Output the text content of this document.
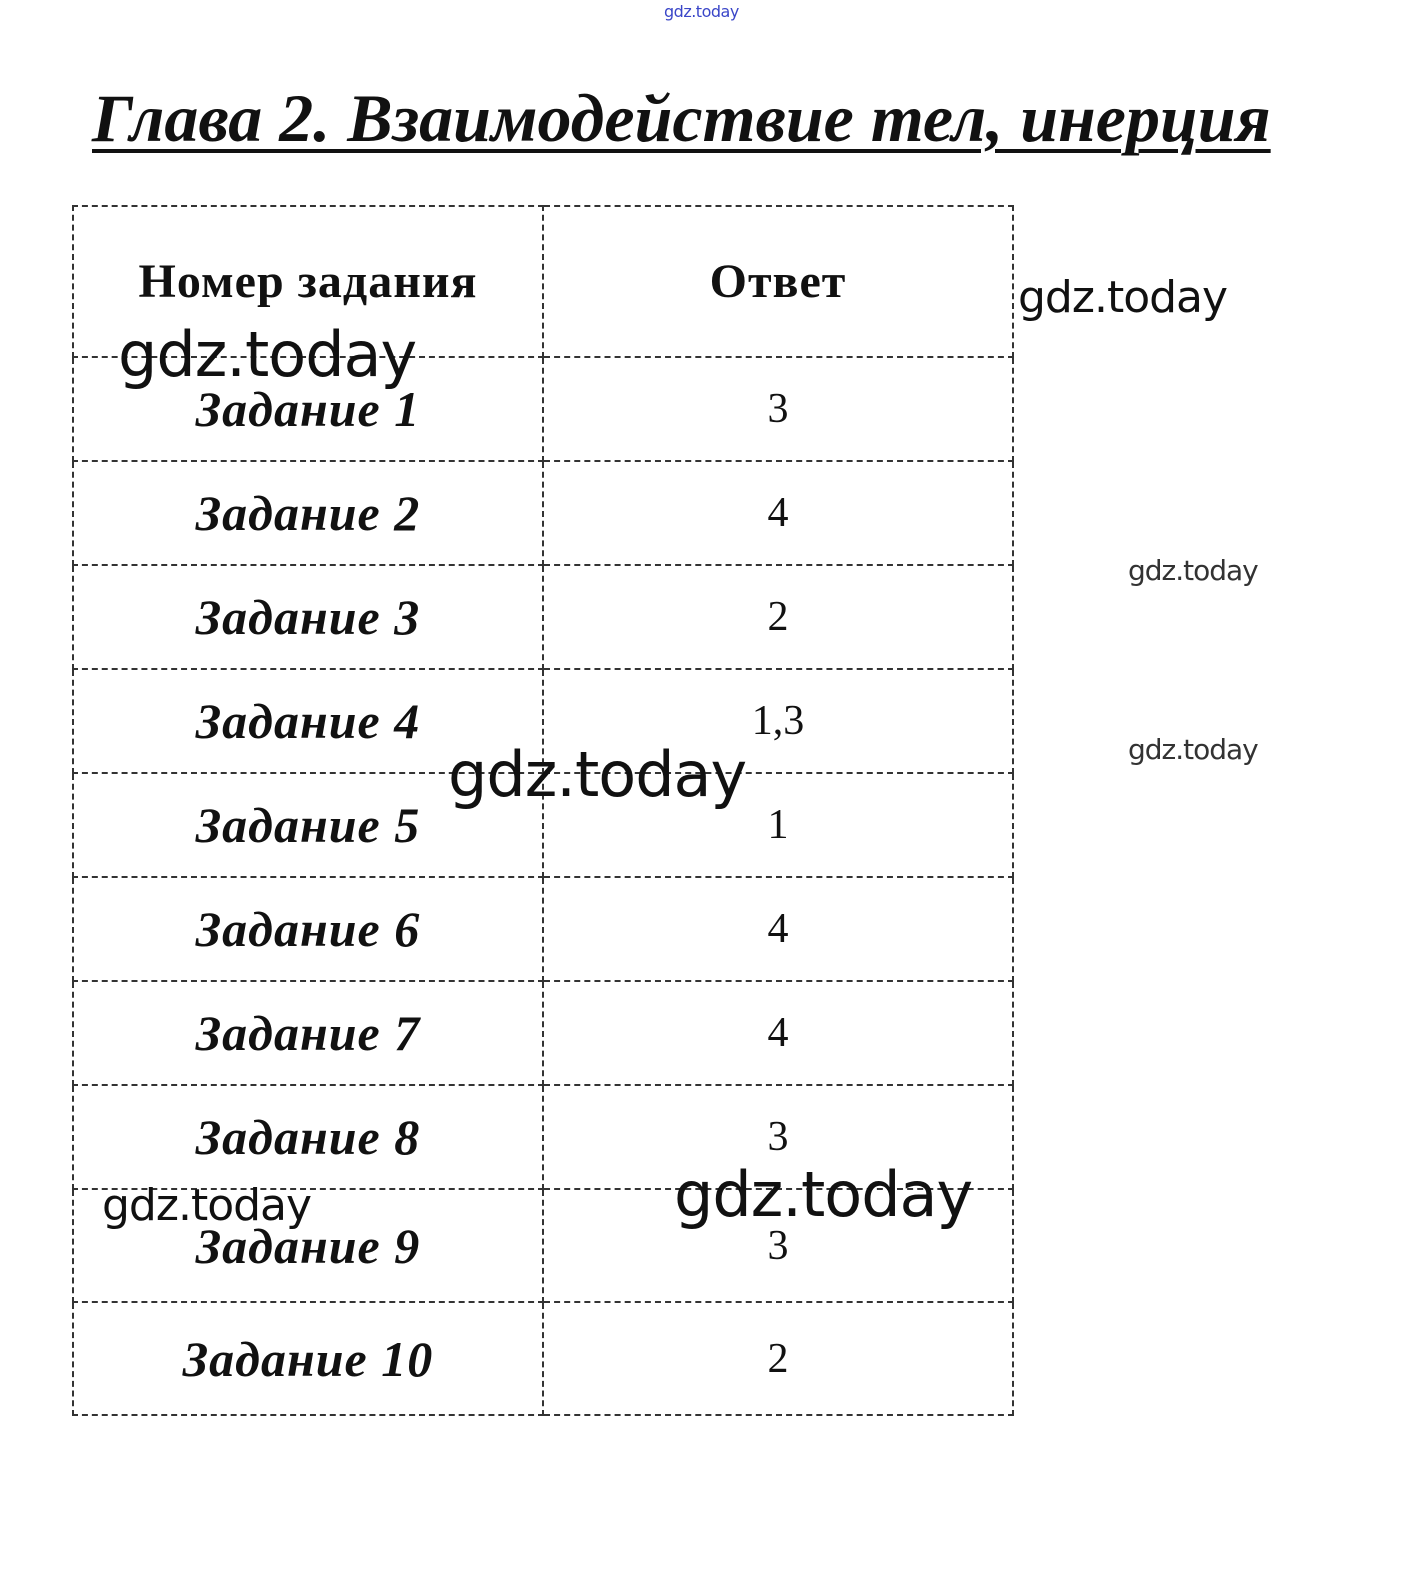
gdz.today
Глава 2. Взаимодействие тел, инерция
Номер задания	Ответ
Задание 1	3
Задание 2	4
Задание 3	2
Задание 4	1,3
Задание 5	1
Задание 6	4
Задание 7	4
Задание 8	3
Задание 9	3
Задание 10	2
gdz.today
gdz.today
gdz.today
gdz.today
gdz.today
gdz.today	gdz.today
